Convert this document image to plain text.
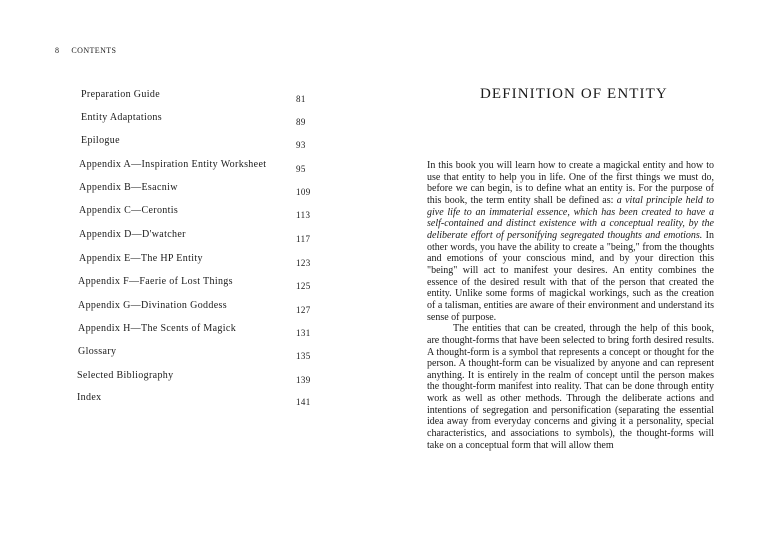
8 CONTENTS
Preparation Guide	81
Entity Adaptations	89
Epilogue	93
Appendix A—Inspiration Entity Worksheet	95
Appendix B—Esacniw	109
Appendix C—Cerontis	113
Appendix D—D'watcher	117
Appendix E—The HP Entity	123
Appendix F—Faerie of Lost Things	125
Appendix G—Divination Goddess	127
Appendix H—The Scents of Magick	131
Glossary	135
Selected Bibliography	139
Index	141
DEFINITION OF ENTITY

In this book you will learn how to create a magickal entity and how to use that entity to help you in life. One of the first things we must do, before we can begin, is to define what an entity is. For the purpose of this book, the term entity shall be defined as: a vital principle held to give life to an immaterial essence, which has been created to have a self-contained and distinct existence with a conceptual reality, by the deliberate effort of personifying segregated thoughts and emotions. In other words, you have the ability to create a "being," from the thoughts and emotions of your conscious mind, and by your direction this "being" will act to manifest your desires. An entity combines the essence of the desired result with that of the person that created the entity. Unlike some forms of magickal workings, such as the creation of a talisman, entities are aware of their environment and understand its sense of purpose.

The entities that can be created, through the help of this book, are thought-forms that have been selected to bring forth desired results. A thought-form is a symbol that represents a concept or thought for the person. A thought-form can be visualized by anyone and can represent anything. It is entirely in the realm of concept until the person makes the thought-form manifest into reality. That can be done through entity work as well as other methods. Through the deliberate actions and intentions of segregation and personification (separating the essential idea away from everyday concerns and giving it a personality, special characteristics, and associations to symbols), the thought-forms will take on a conceptual form that will allow them
